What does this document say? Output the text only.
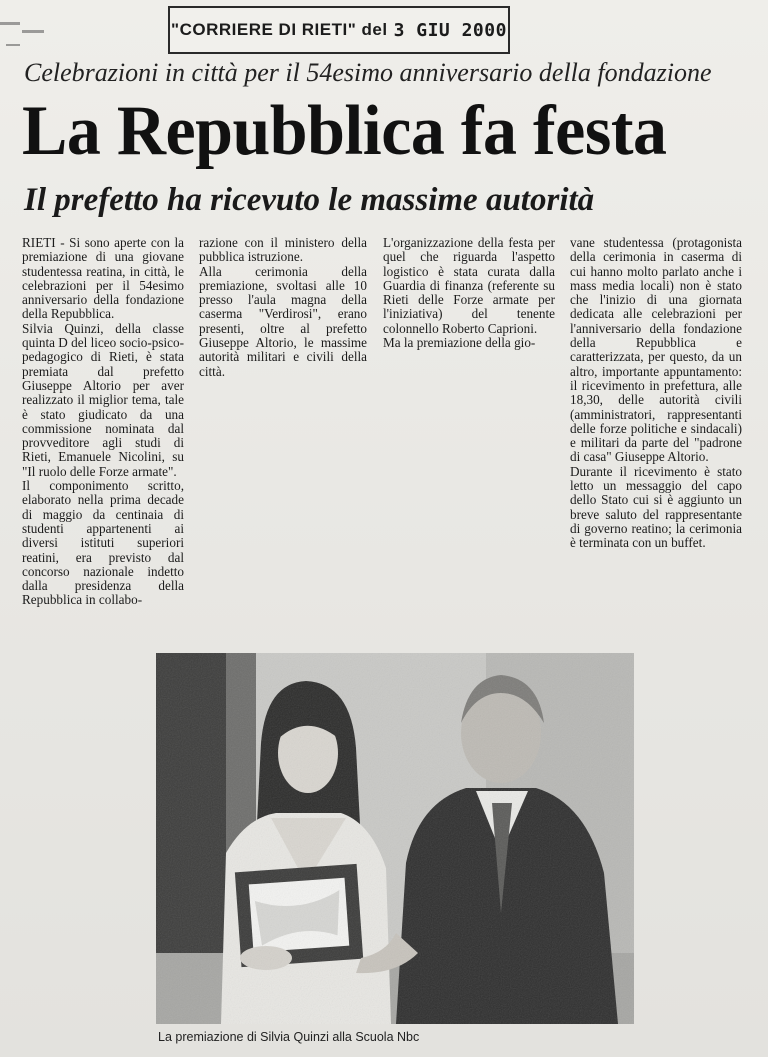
"CORRIERE DI RIETI" del 3 GIU 2000
Celebrazioni in città per il 54esimo anniversario della fondazione
La Repubblica fa festa
Il prefetto ha ricevuto le massime autorità

RIETI - Si sono aperte con la premiazione di una giovane studentessa reatina, in città, le celebrazioni per il 54esimo anniversario della fondazione della Repubblica.

Silvia Quinzi, della classe quinta D del liceo socio-psico-pedagogico di Rieti, è stata premiata dal prefetto Giuseppe Altorio per aver realizzato il miglior tema, tale è stato giudicato da una commissione nominata dal provveditore agli studi di Rieti, Emanuele Nicolini, su "Il ruolo delle Forze armate".

Il componimento scritto, elaborato nella prima decade di maggio da centinaia di studenti appartenenti ai diversi istituti superiori reatini, era previsto dal concorso nazionale indetto dalla presidenza della Repubblica in collabo-

razione con il ministero della pubblica istruzione.

Alla cerimonia della premiazione, svoltasi alle 10 presso l'aula magna della caserma "Verdirosi", erano presenti, oltre al prefetto Giuseppe Altorio, le massime autorità militari e civili della città.

L'organizzazione della festa per quel che riguarda l'aspetto logistico è stata curata dalla Guardia di finanza (referente su Rieti delle Forze armate per l'iniziativa) del tenente colonnello Roberto Caprioni.

Ma la premiazione della gio-

vane studentessa (protagonista della cerimonia in caserma di cui hanno molto parlato anche i mass media locali) non è stato che l'inizio di una giornata dedicata alle celebrazioni per l'anniversario della fondazione della Repubblica e caratterizzata, per questo, da un altro, importante appuntamento: il ricevimento in prefettura, alle 18,30, delle autorità civili (amministratori, rappresentanti delle forze politiche e sindacali) e militari da parte del "padrone di casa" Giuseppe Altorio.

Durante il ricevimento è stato letto un messaggio del capo dello Stato cui si è aggiunto un breve saluto del rappresentante di governo reatino; la cerimonia è terminata con un buffet.

La premiazione di Silvia Quinzi alla Scuola Nbc
